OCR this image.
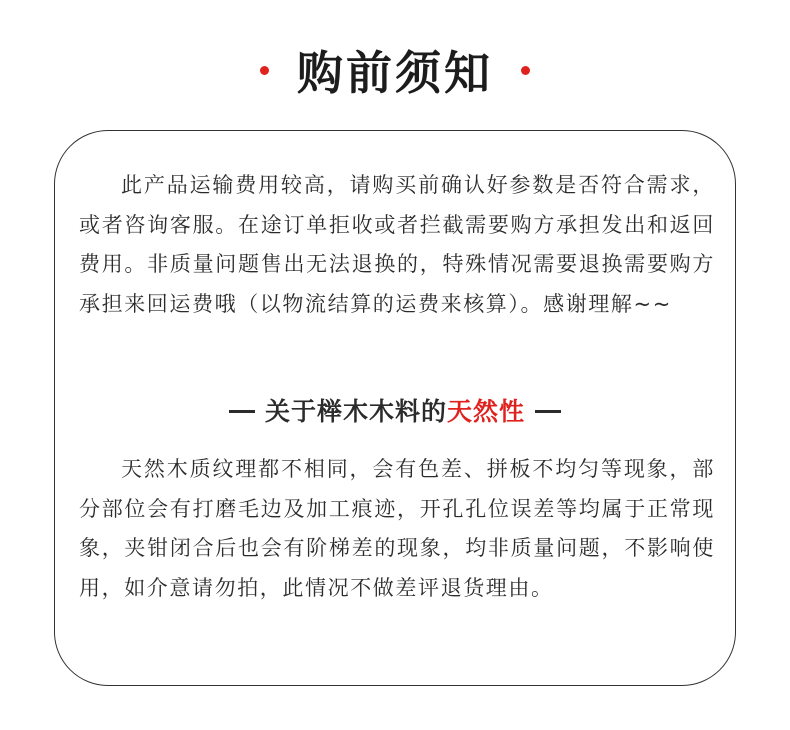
购前须知

此产品运输费用较高，请购买前确认好参数是否符合需求，或者咨询客服。在途订单拒收或者拦截需要购方承担发出和返回费用。非质量问题售出无法退换的，特殊情况需要退换需要购方承担来回运费哦（以物流结算的运费来核算）。感谢理解~~

关于榉木木料的天然性

天然木质纹理都不相同，会有色差、拼板不均匀等现象，部分部位会有打磨毛边及加工痕迹，开孔孔位误差等均属于正常现象，夹钳闭合后也会有阶梯差的现象，均非质量问题，不影响使用，如介意请勿拍，此情况不做差评退货理由。
